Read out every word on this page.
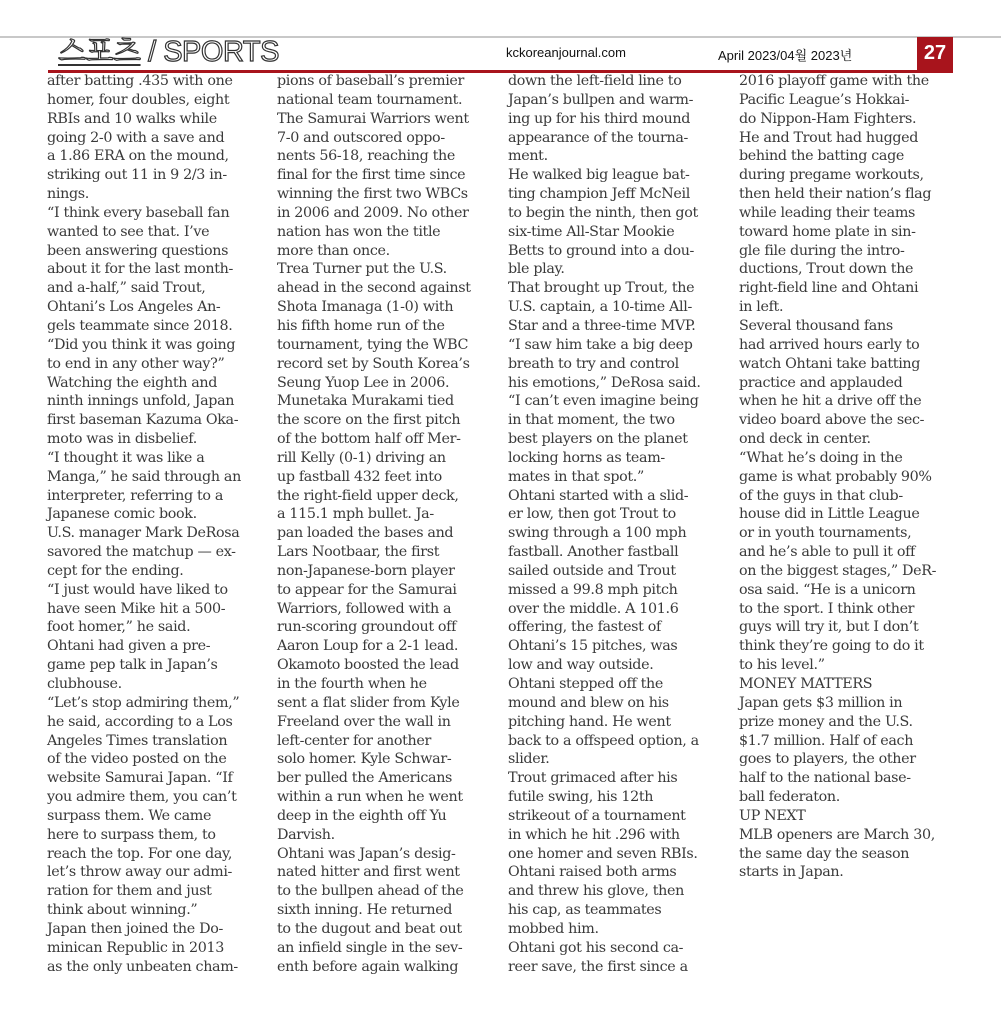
스포츠 / SPORTS	kckoreanjournal.com	April 2023/04월 2023년	27

after batting .435 with one

homer, four doubles, eight

RBIs and 10 walks while

going 2-0 with a save and

a 1.86 ERA on the mound,

striking out 11 in 9 2/3 in-

nings.

“I think every baseball fan

wanted to see that. I’ve

been answering questions

about it for the last month-

and a-half,” said Trout,

Ohtani’s Los Angeles An-

gels teammate since 2018.

“Did you think it was going

to end in any other way?”

Watching the eighth and

ninth innings unfold, Japan

first baseman Kazuma Oka-

moto was in disbelief.

“I thought it was like a

Manga,” he said through an

interpreter, referring to a

Japanese comic book.

U.S. manager Mark DeRosa

savored the matchup — ex-

cept for the ending.

“I just would have liked to

have seen Mike hit a 500-

foot homer,” he said.

Ohtani had given a pre-

game pep talk in Japan’s

clubhouse.

“Let’s stop admiring them,”

he said, according to a Los

Angeles Times translation

of the video posted on the

website Samurai Japan. “If

you admire them, you can’t

surpass them. We came

here to surpass them, to

reach the top. For one day,

let’s throw away our admi-

ration for them and just

think about winning.”

Japan then joined the Do-

minican Republic in 2013

as the only unbeaten cham-

pions of baseball’s premier

national team tournament.

The Samurai Warriors went

7-0 and outscored oppo-

nents 56-18, reaching the

final for the first time since

winning the first two WBCs

in 2006 and 2009. No other

nation has won the title

more than once.

Trea Turner put the U.S.

ahead in the second against

Shota Imanaga (1-0) with

his fifth home run of the

tournament, tying the WBC

record set by South Korea’s

Seung Yuop Lee in 2006.

Munetaka Murakami tied

the score on the first pitch

of the bottom half off Mer-

rill Kelly (0-1) driving an

up fastball 432 feet into

the right-field upper deck,

a 115.1 mph bullet. Ja-

pan loaded the bases and

Lars Nootbaar, the first

non-Japanese-born player

to appear for the Samurai

Warriors, followed with a

run-scoring groundout off

Aaron Loup for a 2-1 lead.

Okamoto boosted the lead

in the fourth when he

sent a flat slider from Kyle

Freeland over the wall in

left-center for another

solo homer. Kyle Schwar-

ber pulled the Americans

within a run when he went

deep in the eighth off Yu

Darvish.

Ohtani was Japan’s desig-

nated hitter and first went

to the bullpen ahead of the

sixth inning. He returned

to the dugout and beat out

an infield single in the sev-

enth before again walking

down the left-field line to

Japan’s bullpen and warm-

ing up for his third mound

appearance of the tourna-

ment.

He walked big league bat-

ting champion Jeff McNeil

to begin the ninth, then got

six-time All-Star Mookie

Betts to ground into a dou-

ble play.

That brought up Trout, the

U.S. captain, a 10-time All-

Star and a three-time MVP.

“I saw him take a big deep

breath to try and control

his emotions,” DeRosa said.

“I can’t even imagine being

in that moment, the two

best players on the planet

locking horns as team-

mates in that spot.”

Ohtani started with a slid-

er low, then got Trout to

swing through a 100 mph

fastball. Another fastball

sailed outside and Trout

missed a 99.8 mph pitch

over the middle. A 101.6

offering, the fastest of

Ohtani’s 15 pitches, was

low and way outside.

Ohtani stepped off the

mound and blew on his

pitching hand. He went

back to a offspeed option, a

slider.

Trout grimaced after his

futile swing, his 12th

strikeout of a tournament

in which he hit .296 with

one homer and seven RBIs.

Ohtani raised both arms

and threw his glove, then

his cap, as teammates

mobbed him.

Ohtani got his second ca-

reer save, the first since a

2016 playoff game with the

Pacific League’s Hokkai-

do Nippon-Ham Fighters.

He and Trout had hugged

behind the batting cage

during pregame workouts,

then held their nation’s flag

while leading their teams

toward home plate in sin-

gle file during the intro-

ductions, Trout down the

right-field line and Ohtani

in left.

Several thousand fans

had arrived hours early to

watch Ohtani take batting

practice and applauded

when he hit a drive off the

video board above the sec-

ond deck in center.

“What he’s doing in the

game is what probably 90%

of the guys in that club-

house did in Little League

or in youth tournaments,

and he’s able to pull it off

on the biggest stages,” DeR-

osa said. “He is a unicorn

to the sport. I think other

guys will try it, but I don’t

think they’re going to do it

to his level.”

MONEY MATTERS

Japan gets $3 million in

prize money and the U.S.

$1.7 million. Half of each

goes to players, the other

half to the national base-

ball federaton.

UP NEXT

MLB openers are March 30,

the same day the season

starts in Japan.
